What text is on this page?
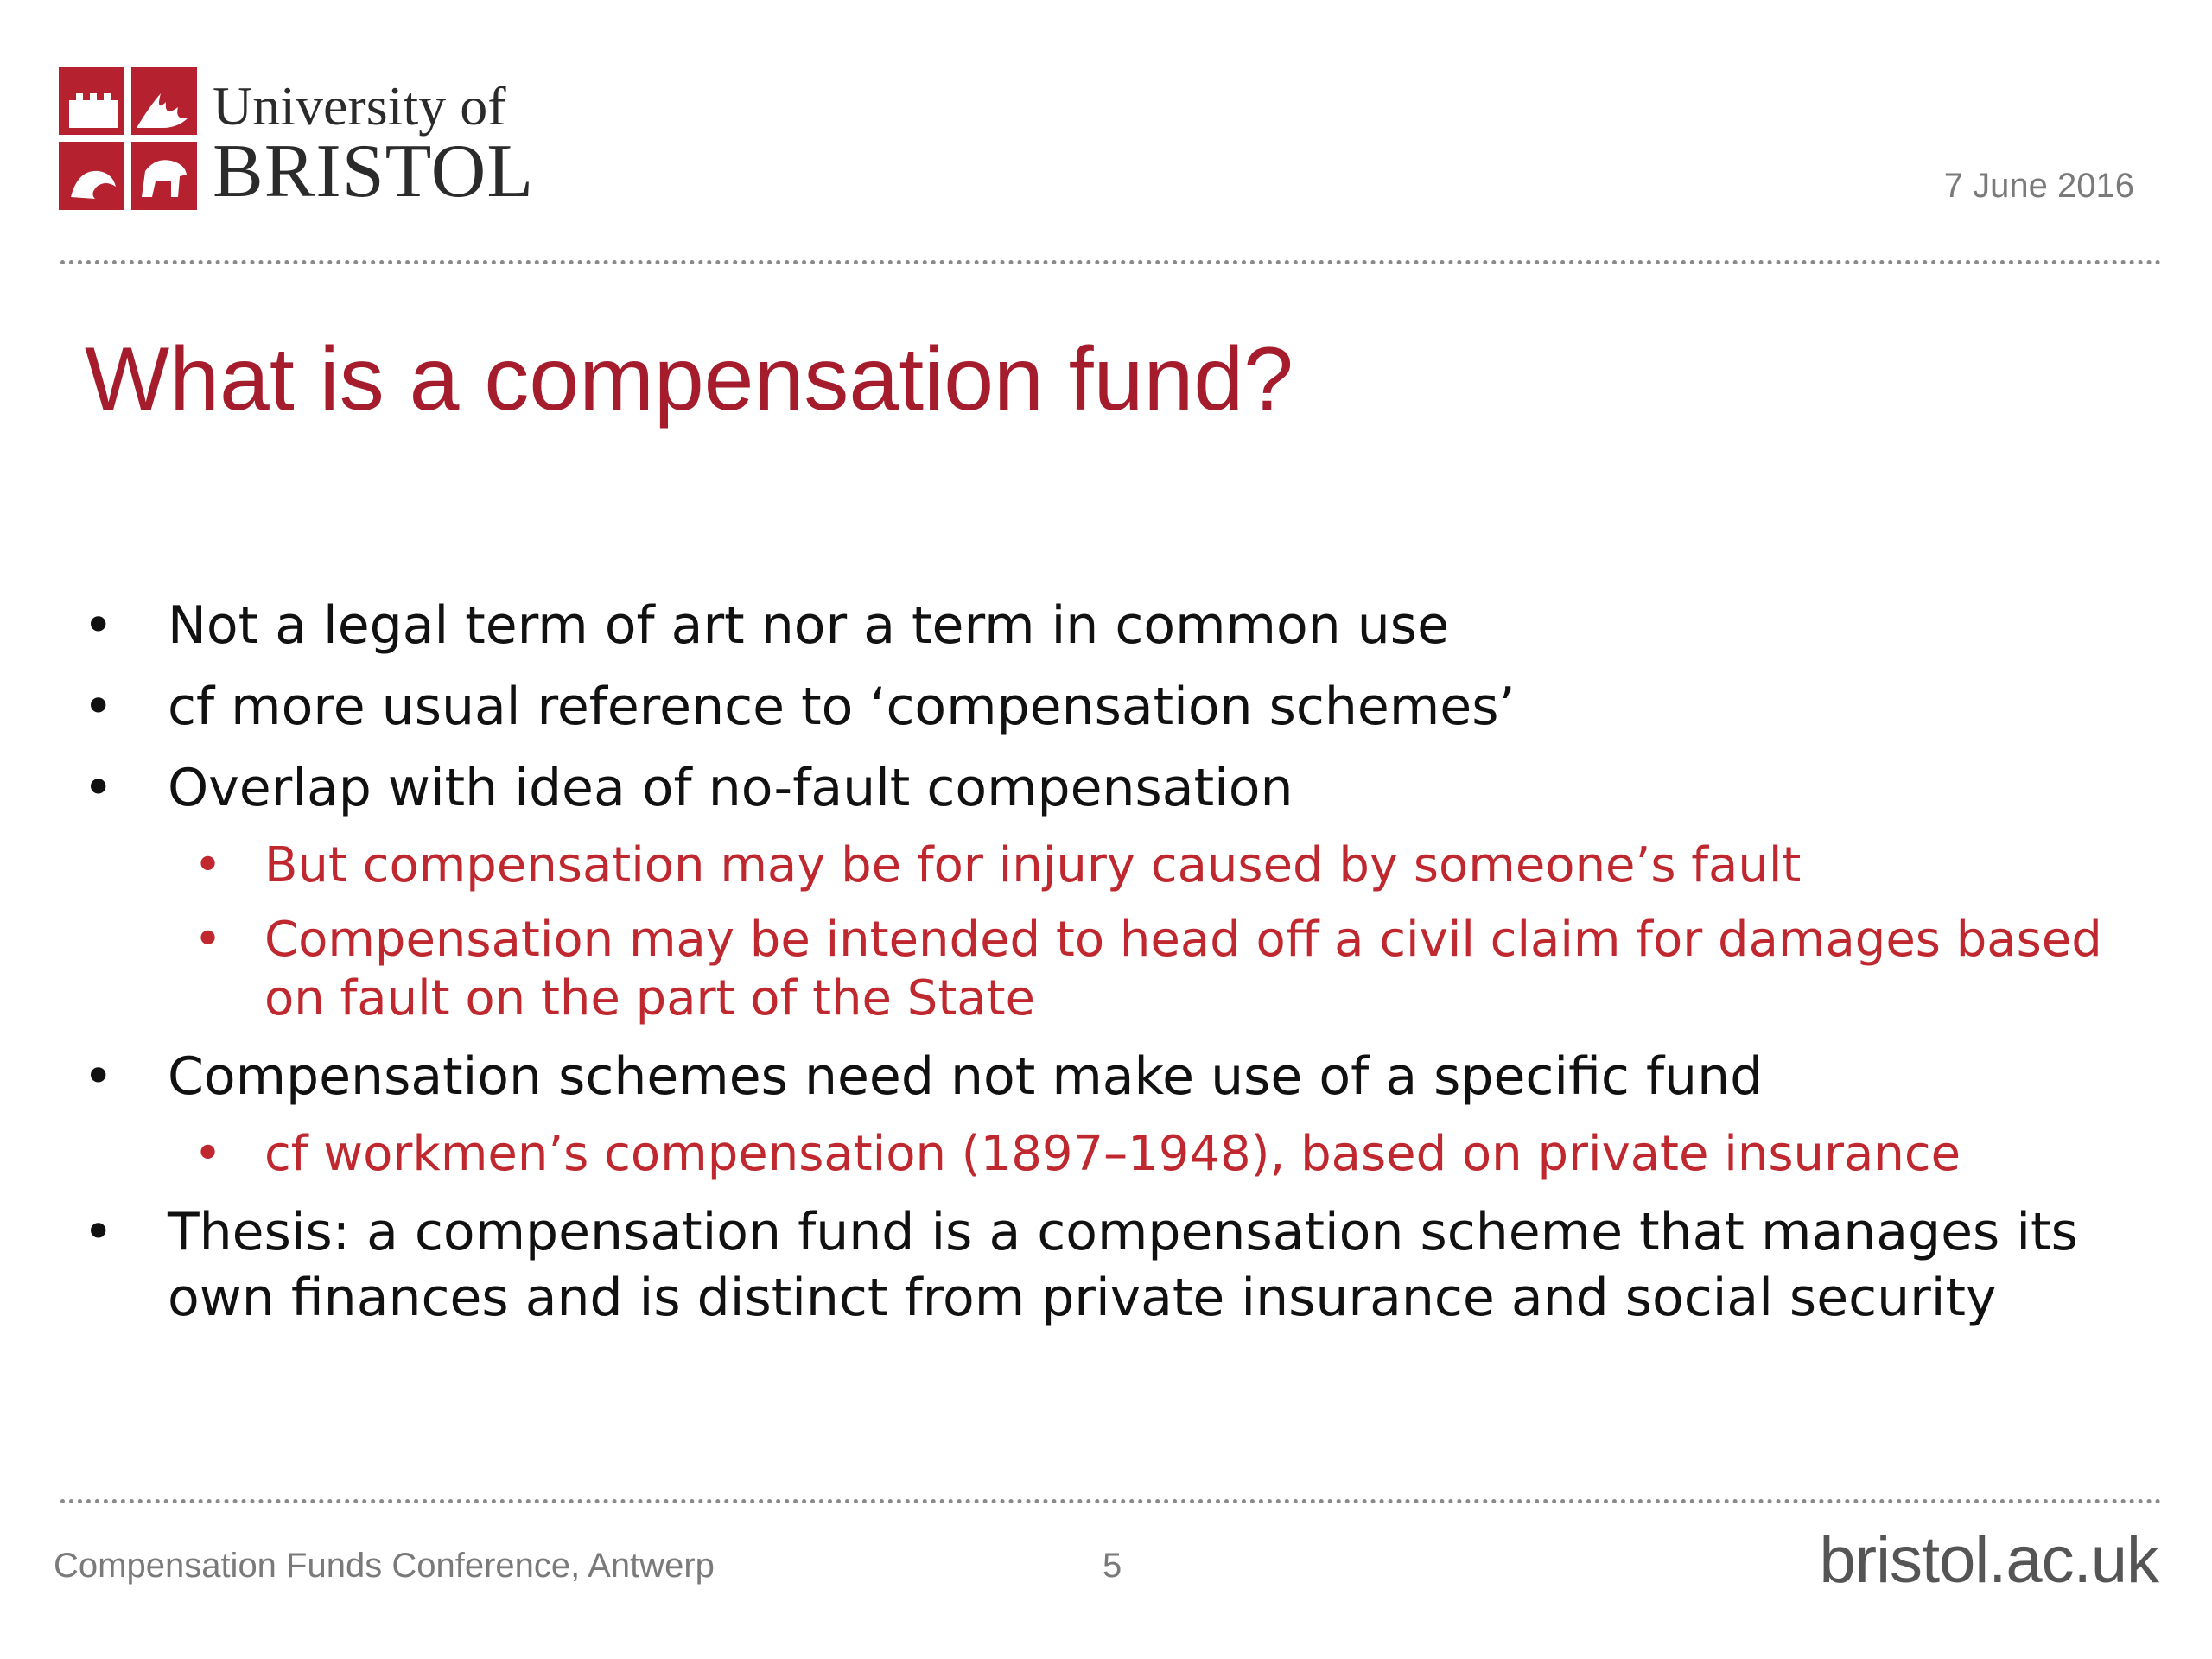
University of
BRISTOL	7 June 2016
What is a compensation fund?
• Not a legal term of art nor a term in common use
• cf more usual reference to ‘compensation schemes’
• Overlap with idea of no-fault compensation
• But compensation may be for injury caused by someone’s fault
• Compensation may be intended to head off a civil claim for damages based on fault on the part of the State
• Compensation schemes need not make use of a specific fund
• cf workmen’s compensation (1897–1948), based on private insurance
• Thesis: a compensation fund is a compensation scheme that manages its own finances and is distinct from private insurance and social security
Compensation Funds Conference, Antwerp	5	bristol.ac.uk
